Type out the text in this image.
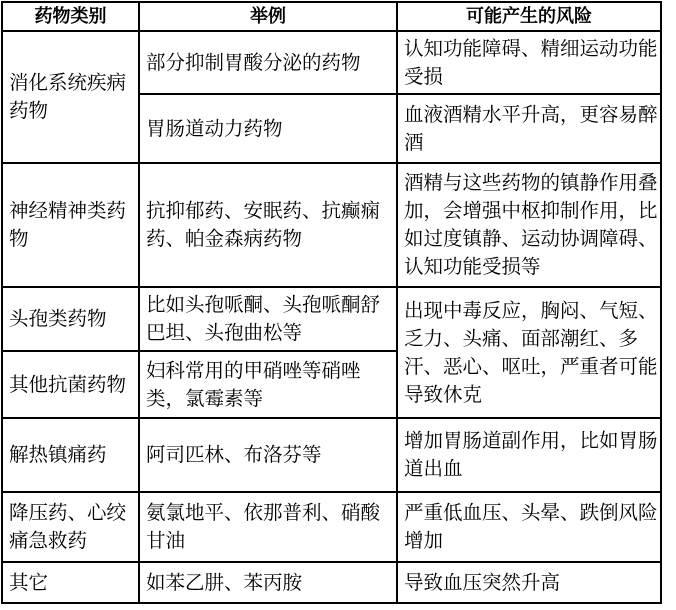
药物类别	举例	可能产生的风险
消化系统疾病药物	部分抑制胃酸分泌的药物	认知功能障碍、精细运动功能受损
	胃肠道动力药物	血液酒精水平升高，更容易醉酒
神经精神类药物	抗抑郁药、安眠药、抗癫痫药、帕金森病药物	酒精与这些药物的镇静作用叠加，会增强中枢抑制作用，比如过度镇静、运动协调障碍、认知功能受损等
头孢类药物	比如头孢哌酮、头孢哌酮舒巴坦、头孢曲松等	出现中毒反应，胸闷、气短、乏力、头痛、面部潮红、多汗、恶心、呕吐，严重者可能导致休克
其他抗菌药物	妇科常用的甲硝唑等硝唑类，氯霉素等	
解热镇痛药	阿司匹林、布洛芬等	增加胃肠道副作用，比如胃肠道出血
降压药、心绞痛急救药	氨氯地平、依那普利、硝酸甘油	严重低血压、头晕、跌倒风险增加
其它	如苯乙肼、苯丙胺	导致血压突然升高
